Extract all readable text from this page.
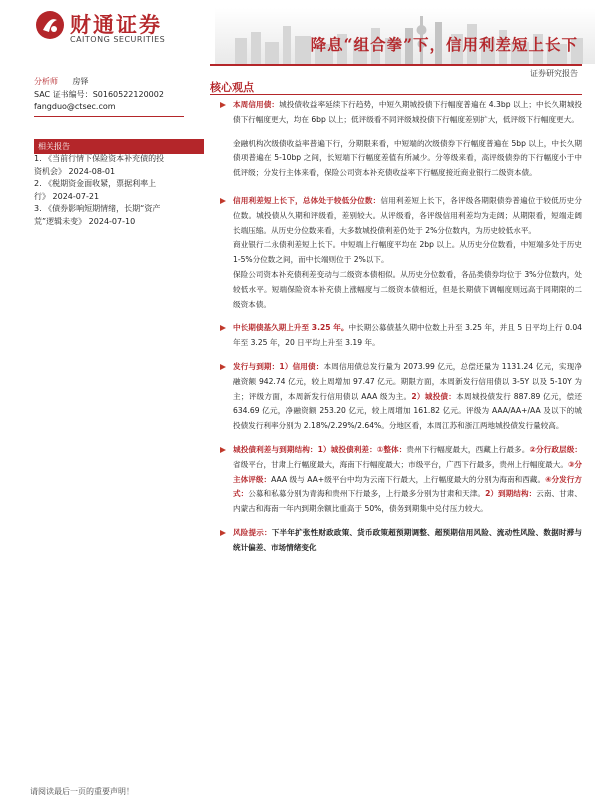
财通证券
CAITONG SECURITIES	降息“组合拳”下，信用利差短上长下
证券研究报告
分析师 房铎
SAC 证书编号：S0160522120002
fangduo@ctsec.com
相关报告
1. 《当前行情下保险资本补充债的投
资机会》 2024-08-01
2. 《税期资金面收紧，票据利率上
行》 2024-07-21
3. 《债券影响短期情绪，长期“资产
荒”逻辑未变》 2024-07-10
核心观点

本周信用债：城投债收益率延续下行趋势，中短久期城投债下行幅度普遍在 4.3bp 以上；中长久期城投债下行幅度更大，均在 6bp 以上；低评级看不同评级城投债下行幅度差别扩大，低评级下行幅度更大。

金融机构次级债收益率普遍下行，分期限来看，中短端的次级债券下行幅度普遍在 5bp 以上，中长久期债项普遍在 5-10bp 之间，长短端下行幅度差值有所减少。分等级来看，高评级债券的下行幅度小于中低评级；分发行主体来看，保险公司资本补充债收益率下行幅度接近商业银行二级资本债。

信用利差短上长下，总体处于较低分位数：信用利差短上长下，各评级各期限债券普遍位于较低历史分位数。城投债从久期和评级看，差别较大。从评级看，各评级信用利差均为走阔；从期限看，短端走阔长端压缩。从历史分位数来看，大多数城投债利差仍处于 2%分位数内，为历史较低水平。

商业银行二永债利差短上长下。中短端上行幅度平均在 2bp 以上。从历史分位数看，中短端多处于历史 1-5%分位数之间，而中长端则位于 2%以下。

保险公司资本补充债利差变动与二级资本债相似。从历史分位数看，各品类债券均位于 3%分位数内，处较低水平。短端保险资本补充债上涨幅度与二级资本债相近，但是长期债下调幅度则远高于同期限的二级资本债。

中长期债基久期上升至 3.25 年。中长期公募债基久期中位数上升至 3.25 年，并且 5 日平均上行 0.04 年至 3.25 年，20 日平均上升至 3.19 年。

发行与到期：1）信用债：本周信用债总发行量为 2073.99 亿元，总偿还量为 1131.24 亿元，实现净融资额 942.74 亿元，较上周增加 97.47 亿元。期限方面，本周新发行信用债以 3-5Y 以及 5-10Y 为主；评级方面，本周新发行信用债以 AAA 级为主。2）城投债：本周城投债发行 887.89 亿元，偿还 634.69 亿元，净融资额 253.20 亿元，较上周增加 161.82 亿元。评级为 AAA/AA+/AA 及以下的城投债发行利率分别为 2.18%/2.29%/2.64%。分地区看，本周江苏和浙江两地城投债发行量较高。

城投债利差与到期结构：1）城投债利差：①整体：贵州下行幅度最大，西藏上行最多。②分行政层级：省级平台，甘肃上行幅度最大，海南下行幅度最大；市级平台，广西下行最多，贵州上行幅度最大。③分主体评级：AAA 级与 AA+级平台中均为云南下行最大，上行幅度最大的分别为海南和西藏。④分发行方式：公募和私募分别为青海和贵州下行最多，上行最多分别为甘肃和天津。2）到期结构：云南、甘肃、内蒙古和海南一年内到期余额比重高于 50%，债务到期集中兑付压力较大。

风险提示：下半年扩张性财政政策、货币政策超预期调整、超预期信用风险、流动性风险、数据时滞与统计偏差、市场情绪变化

请阅读最后一页的重要声明！
